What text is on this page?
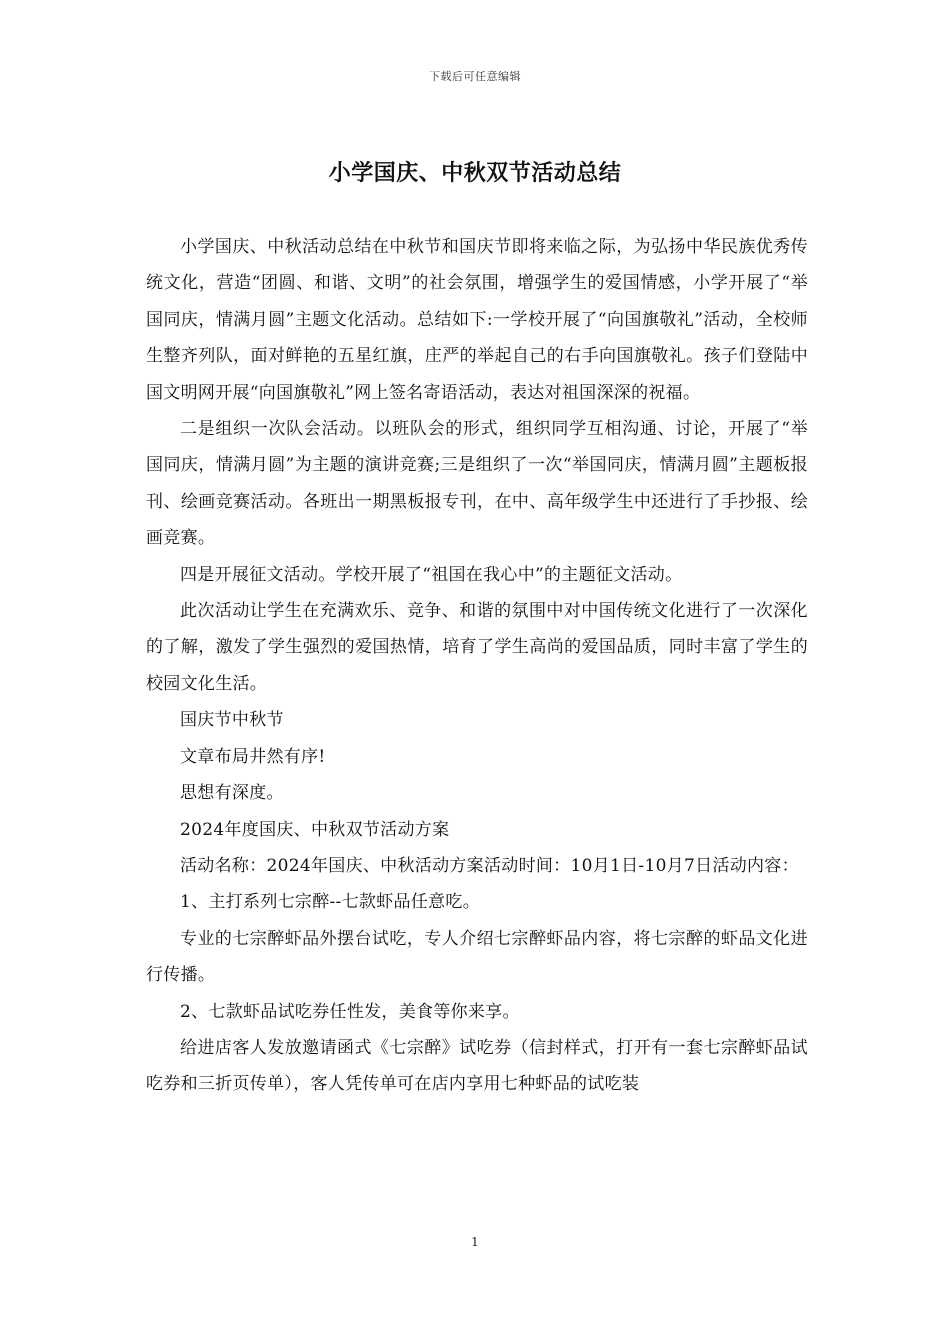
下载后可任意编辑
小学国庆、中秋双节活动总结

小学国庆、中秋活动总结在中秋节和国庆节即将来临之际，为弘扬中华民族优秀传统文化，营造“团圆、和谐、文明”的社会氛围，增强学生的爱国情感，小学开展了“举国同庆，情满月圆”主题文化活动。总结如下:一学校开展了“向国旗敬礼”活动，全校师生整齐列队，面对鲜艳的五星红旗，庄严的举起自己的右手向国旗敬礼。孩子们登陆中国文明网开展“向国旗敬礼”网上签名寄语活动，表达对祖国深深的祝福。

二是组织一次队会活动。以班队会的形式，组织同学互相沟通、讨论，开展了“举国同庆，情满月圆”为主题的演讲竞赛;三是组织了一次“举国同庆，情满月圆”主题板报刊、绘画竞赛活动。各班出一期黑板报专刊，在中、高年级学生中还进行了手抄报、绘画竞赛。

四是开展征文活动。学校开展了“祖国在我心中”的主题征文活动。

此次活动让学生在充满欢乐、竞争、和谐的氛围中对中国传统文化进行了一次深化的了解，激发了学生强烈的爱国热情，培育了学生高尚的爱国品质，同时丰富了学生的校园文化生活。

国庆节中秋节

文章布局井然有序!

思想有深度。

2024年度国庆、中秋双节活动方案

活动名称：2024年国庆、中秋活动方案活动时间：10月1日-10月7日活动内容：

1、主打系列七宗醉--七款虾品任意吃。

专业的七宗醉虾品外摆台试吃，专人介绍七宗醉虾品内容，将七宗醉的虾品文化进行传播。

2、七款虾品试吃券任性发，美食等你来享。

给进店客人发放邀请函式《七宗醉》试吃券（信封样式，打开有一套七宗醉虾品试吃券和三折页传单），客人凭传单可在店内享用七种虾品的试吃装

1
